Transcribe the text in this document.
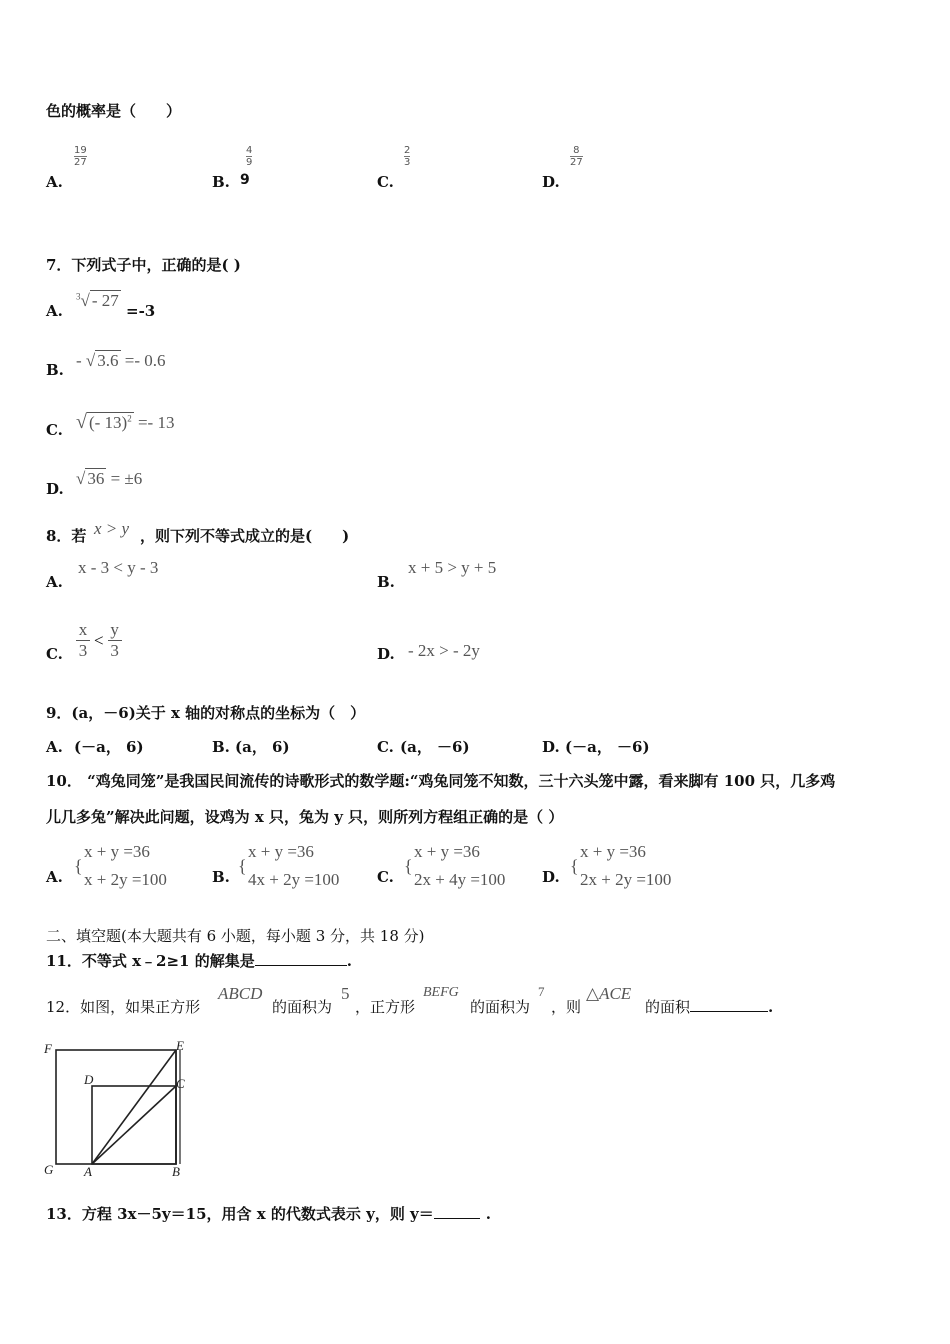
色的概率是（　　）
A.
19
27
B.
4
9
9	C.
2
3
D.
8
27
7．下列式子中，正确的是( )
A.
$^3$√ - 27
=-3
B. - √ 3.6 =- 0.6
C. √ (- 13)$^2$ =- 13
D.
√ 36 = ±6
8．若 x > y ，则下列不等式成立的是(　　)
A.
x - 3 < y - 3
B.
x + 5 > y + 5
C.
x
3
<
y
3	D. - 2x > - 2y
9．(a，－6)关于 x 轴的对称点的坐标为（　）
A. (－a， 6)	B. (a， 6)	C. (a， －6)	D. (－a， －6)
10． “鸡兔同笼”是我国民间流传的诗歌形式的数学题:“鸡兔同笼不知数，三十六头笼中露，看来脚有 100 只，几多鸡
儿几多兔”解决此问题，设鸡为 x 只，兔为 y 只，则所列方程组正确的是（ ）
A.
{
x + y =36
x + 2y =100	B.
{
x + y =36
4x + 2y =100	C.
{
x + y =36
2x + 4y =100 D.
{
x + y =36
2x + 2y =100
二、填空题(本大题共有 6 小题，每小题 3 分，共 18 分)
11．不等式 x﹣2≥1 的解集是	.
12．如图，如果正方形
ABCD
的面积为
5
，正方形
BEFG
的面积为
7
，则
△ACE
的面积	.
F	E
D	C
G A	B
13．方程 3x－5y＝15，用含 x 的代数式表示 y，则 y＝	.
